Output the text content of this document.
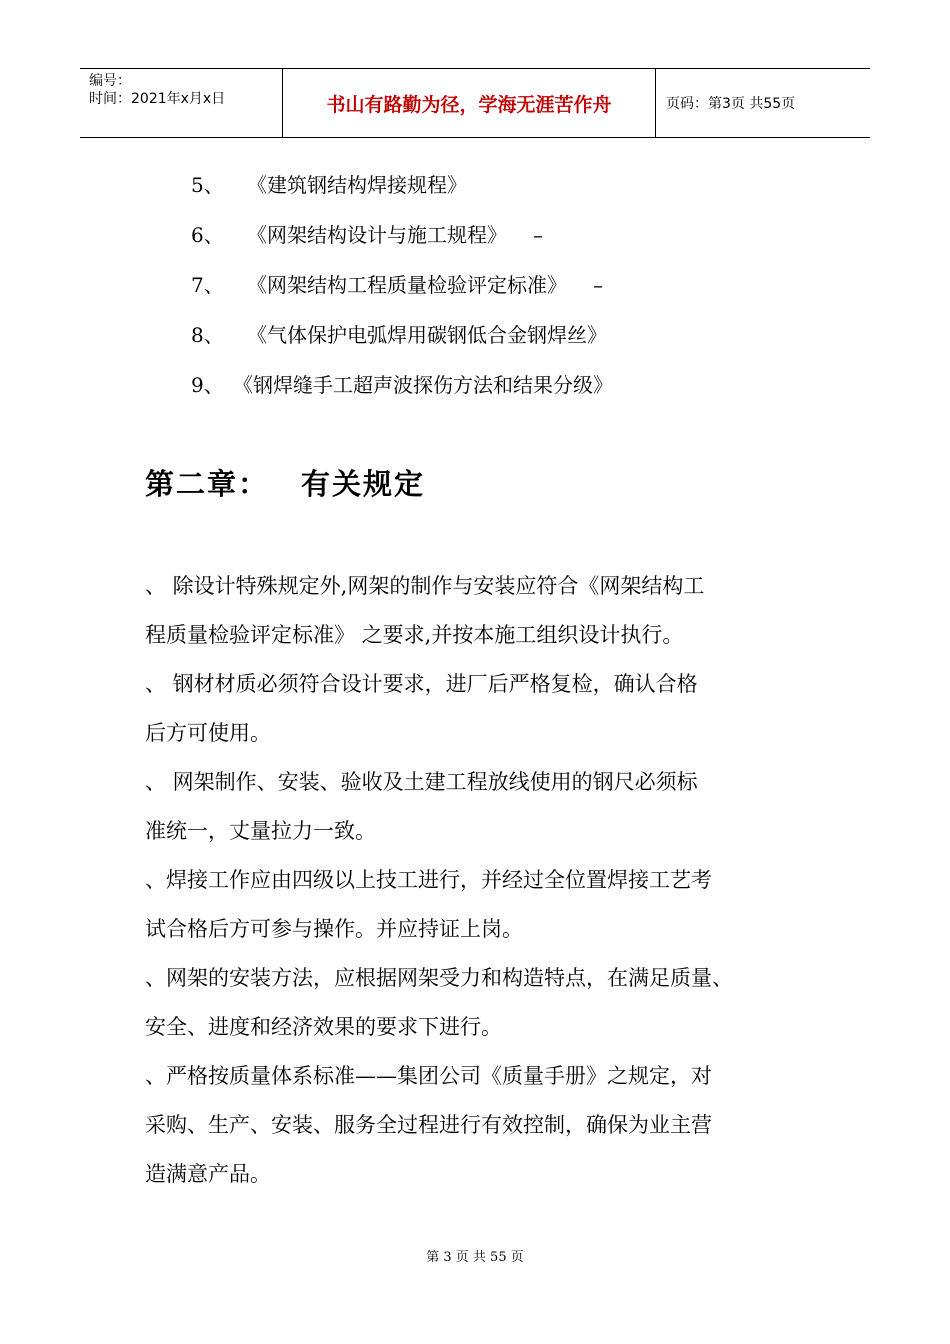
编号：
时间：2021年x月x日	书山有路勤为径，学海无涯苦作舟	页码：第3页 共55页
5、 《建筑钢结构焊接规程》
6、 《网架结构设计与施工规程》 –
7、 《网架结构工程质量检验评定标准》 –
8、 《气体保护电弧焊用碳钢低合金钢焊丝》
9、 《钢焊缝手工超声波探伤方法和结果分级》
第二章： 有关规定
、 除设计特殊规定外,网架的制作与安装应符合《网架结构工
程质量检验评定标准》 之要求,并按本施工组织设计执行。
、 钢材材质必须符合设计要求，进厂后严格复检，确认合格
后方可使用。
、 网架制作、安装、验收及土建工程放线使用的钢尺必须标
准统一，丈量拉力一致。
、焊接工作应由四级以上技工进行，并经过全位置焊接工艺考
试合格后方可参与操作。并应持证上岗。
、网架的安装方法，应根据网架受力和构造特点，在满足质量、
安全、进度和经济效果的要求下进行。
、严格按质量体系标准——集团公司《质量手册》之规定，对
采购、生产、安装、服务全过程进行有效控制，确保为业主营
造满意产品。
第 3 页 共 55 页
